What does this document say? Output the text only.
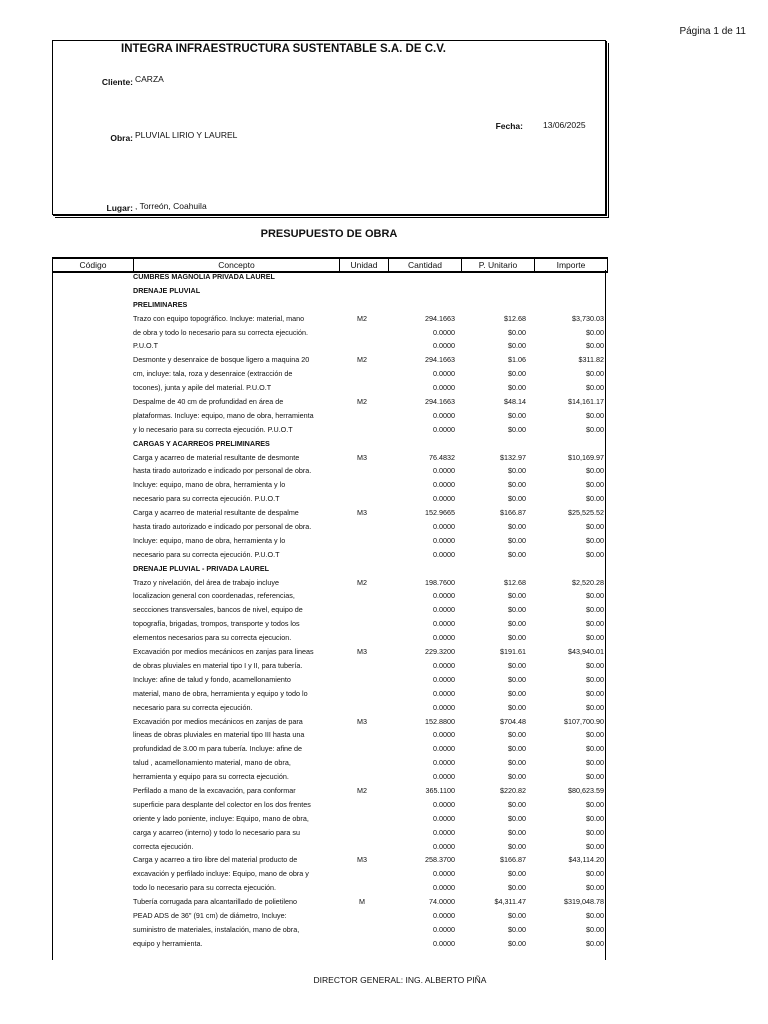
Página 1 de 11
INTEGRA INFRAESTRUCTURA SUSTENTABLE S.A. DE C.V.
Cliente: CARZA
Obra: PLUVIAL LIRIO Y LAUREL
Fecha: 13/06/2025
Lugar: , Torreón, Coahuila
PRESUPUESTO DE OBRA
Código	Concepto	Unidad	Cantidad	P. Unitario	Importe
CUMBRES MAGNOLIA PRIVADA LAUREL
DRENAJE PLUVIAL
PRELIMINARES
Trazo con equipo topográfico. Incluye: material, mano	M2	294.1663	$12.68	$3,730.03
de obra y todo lo necesario para su correcta ejecución.	0.0000	$0.00	$0.00
P.U.O.T	0.0000	$0.00	$0.00
Desmonte y desenraice de bosque ligero a maquina 20	M2	294.1663	$1.06	$311.82
cm, incluye: tala, roza y desenraice (extracción de	0.0000	$0.00	$0.00
tocones), junta y apile del material. P.U.O.T	0.0000	$0.00	$0.00
Despalme de 40 cm de profundidad en área de	M2	294.1663	$48.14	$14,161.17
plataformas. Incluye: equipo, mano de obra, herramienta	0.0000	$0.00	$0.00
y lo necesario para su correcta ejecución. P.U.O.T	0.0000	$0.00	$0.00
CARGAS Y ACARREOS PRELIMINARES
Carga y acarreo de material resultante de desmonte	M3	76.4832	$132.97	$10,169.97
hasta tirado autorizado e indicado por personal de obra.	0.0000	$0.00	$0.00
Incluye: equipo, mano de obra, herramienta y lo	0.0000	$0.00	$0.00
necesario para su correcta ejecución. P.U.O.T	0.0000	$0.00	$0.00
Carga y acarreo de material resultante de despalme	M3	152.9665	$166.87	$25,525.52
hasta tirado autorizado e indicado por personal de obra.	0.0000	$0.00	$0.00
Incluye: equipo, mano de obra, herramienta y lo	0.0000	$0.00	$0.00
necesario para su correcta ejecución. P.U.O.T	0.0000	$0.00	$0.00
DRENAJE PLUVIAL - PRIVADA LAUREL
Trazo y nivelación, del área de trabajo incluye	M2	198.7600	$12.68	$2,520.28
localizacion general con coordenadas, referencias,	0.0000	$0.00	$0.00
seccciones transversales, bancos de nivel, equipo de	0.0000	$0.00	$0.00
topografía, brigadas, trompos, transporte y todos los	0.0000	$0.00	$0.00
elementos necesarios para su correcta ejecucion.	0.0000	$0.00	$0.00
Excavación por medios mecánicos en zanjas para lineas	M3	229.3200	$191.61	$43,940.01
de obras pluviales en material tipo I y II, para tubería.	0.0000	$0.00	$0.00
Incluye: afine de talud y fondo, acamellonamiento	0.0000	$0.00	$0.00
material, mano de obra, herramienta y equipo y todo lo	0.0000	$0.00	$0.00
necesario para su correcta ejecución.	0.0000	$0.00	$0.00
Excavación por medios mecánicos en zanjas de para	M3	152.8800	$704.48	$107,700.90
lineas de obras pluviales en material tipo III hasta una	0.0000	$0.00	$0.00
profundidad de 3.00 m para tubería. Incluye: afine de	0.0000	$0.00	$0.00
talud , acamellonamiento material, mano de obra,	0.0000	$0.00	$0.00
herramienta y equipo para su correcta ejecución.	0.0000	$0.00	$0.00
Perfilado a mano de la excavación, para conformar	M2	365.1100	$220.82	$80,623.59
superficie para desplante del colector en los dos frentes	0.0000	$0.00	$0.00
oriente y lado poniente, incluye: Equipo, mano de obra,	0.0000	$0.00	$0.00
carga y acarreo (interno) y todo lo necesario para su	0.0000	$0.00	$0.00
correcta ejecución.	0.0000	$0.00	$0.00
Carga y acarreo a tiro libre del material producto de	M3	258.3700	$166.87	$43,114.20
excavación y perfilado incluye: Equipo, mano de obra y	0.0000	$0.00	$0.00
todo lo necesario para su correcta ejecución.	0.0000	$0.00	$0.00
Tubería corrugada para alcantarillado de polietileno	M	74.0000	$4,311.47	$319,048.78
PEAD ADS de 36" (91 cm) de diámetro, Incluye:	0.0000	$0.00	$0.00
suministro de materiales, instalación, mano de obra,	0.0000	$0.00	$0.00
equipo y herramienta.	0.0000	$0.00	$0.00
DIRECTOR GENERAL: ING. ALBERTO PIÑA
